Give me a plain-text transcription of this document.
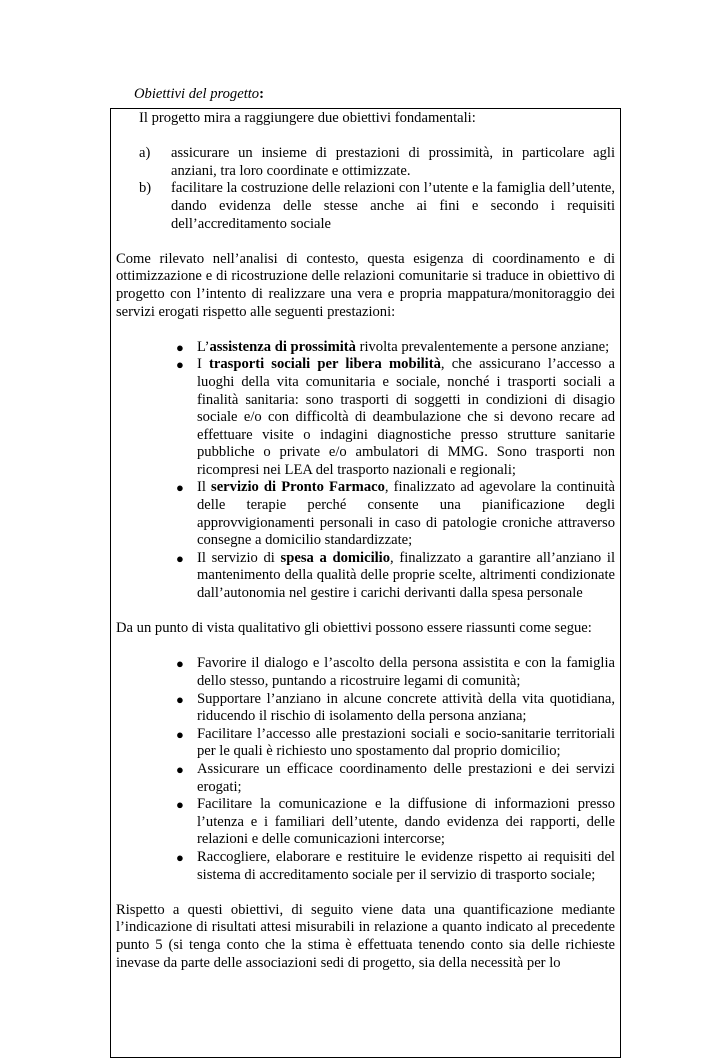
Obiettivi del progetto:

Il progetto mira a raggiungere due obiettivi fondamentali:

a) assicurare un insieme di prestazioni di prossimità, in particolare agli anziani, tra loro coordinate e ottimizzate.
b) facilitare la costruzione delle relazioni con l’utente e la famiglia dell’utente, dando evidenza delle stesse anche ai fini e secondo i requisiti dell’accreditamento sociale

Come rilevato nell’analisi di contesto, questa esigenza di coordinamento e di ottimizzazione e di ricostruzione delle relazioni comunitarie si traduce in obiettivo di progetto con l’intento di realizzare una vera e propria mappatura/monitoraggio dei servizi erogati rispetto alle seguenti prestazioni:

● L’assistenza di prossimità rivolta prevalentemente a persone anziane;
● I trasporti sociali per libera mobilità, che assicurano l’accesso a luoghi della vita comunitaria e sociale, nonché i trasporti sociali a finalità sanitaria: sono trasporti di soggetti in condizioni di disagio sociale e/o con difficoltà di deambulazione che si devono recare ad effettuare visite o indagini diagnostiche presso strutture sanitarie pubbliche o private e/o ambulatori di MMG. Sono trasporti non ricompresi nei LEA del trasporto nazionali e regionali;
● Il servizio di Pronto Farmaco, finalizzato ad agevolare la continuità delle terapie perché consente una pianificazione degli approvvigionamenti personali in caso di patologie croniche attraverso consegne a domicilio standardizzate;
● Il servizio di spesa a domicilio, finalizzato a garantire all’anziano il mantenimento della qualità delle proprie scelte, altrimenti condizionate dall’autonomia nel gestire i carichi derivanti dalla spesa personale

Da un punto di vista qualitativo gli obiettivi possono essere riassunti come segue:

● Favorire il dialogo e l’ascolto della persona assistita e con la famiglia dello stesso, puntando a ricostruire legami di comunità;
● Supportare l’anziano in alcune concrete attività della vita quotidiana, riducendo il rischio di isolamento della persona anziana;
● Facilitare l’accesso alle prestazioni sociali e socio-sanitarie territoriali per le quali è richiesto uno spostamento dal proprio domicilio;
● Assicurare un efficace coordinamento delle prestazioni e dei servizi erogati;
● Facilitare la comunicazione e la diffusione di informazioni presso l’utenza e i familiari dell’utente, dando evidenza dei rapporti, delle relazioni e delle comunicazioni intercorse;
● Raccogliere, elaborare e restituire le evidenze rispetto ai requisiti del sistema di accreditamento sociale per il servizio di trasporto sociale;

Rispetto a questi obiettivi, di seguito viene data una quantificazione mediante l’indicazione di risultati attesi misurabili in relazione a quanto indicato al precedente punto 5 (si tenga conto che la stima è effettuata tenendo conto sia delle richieste inevase da parte delle associazioni sedi di progetto, sia della necessità per lo
